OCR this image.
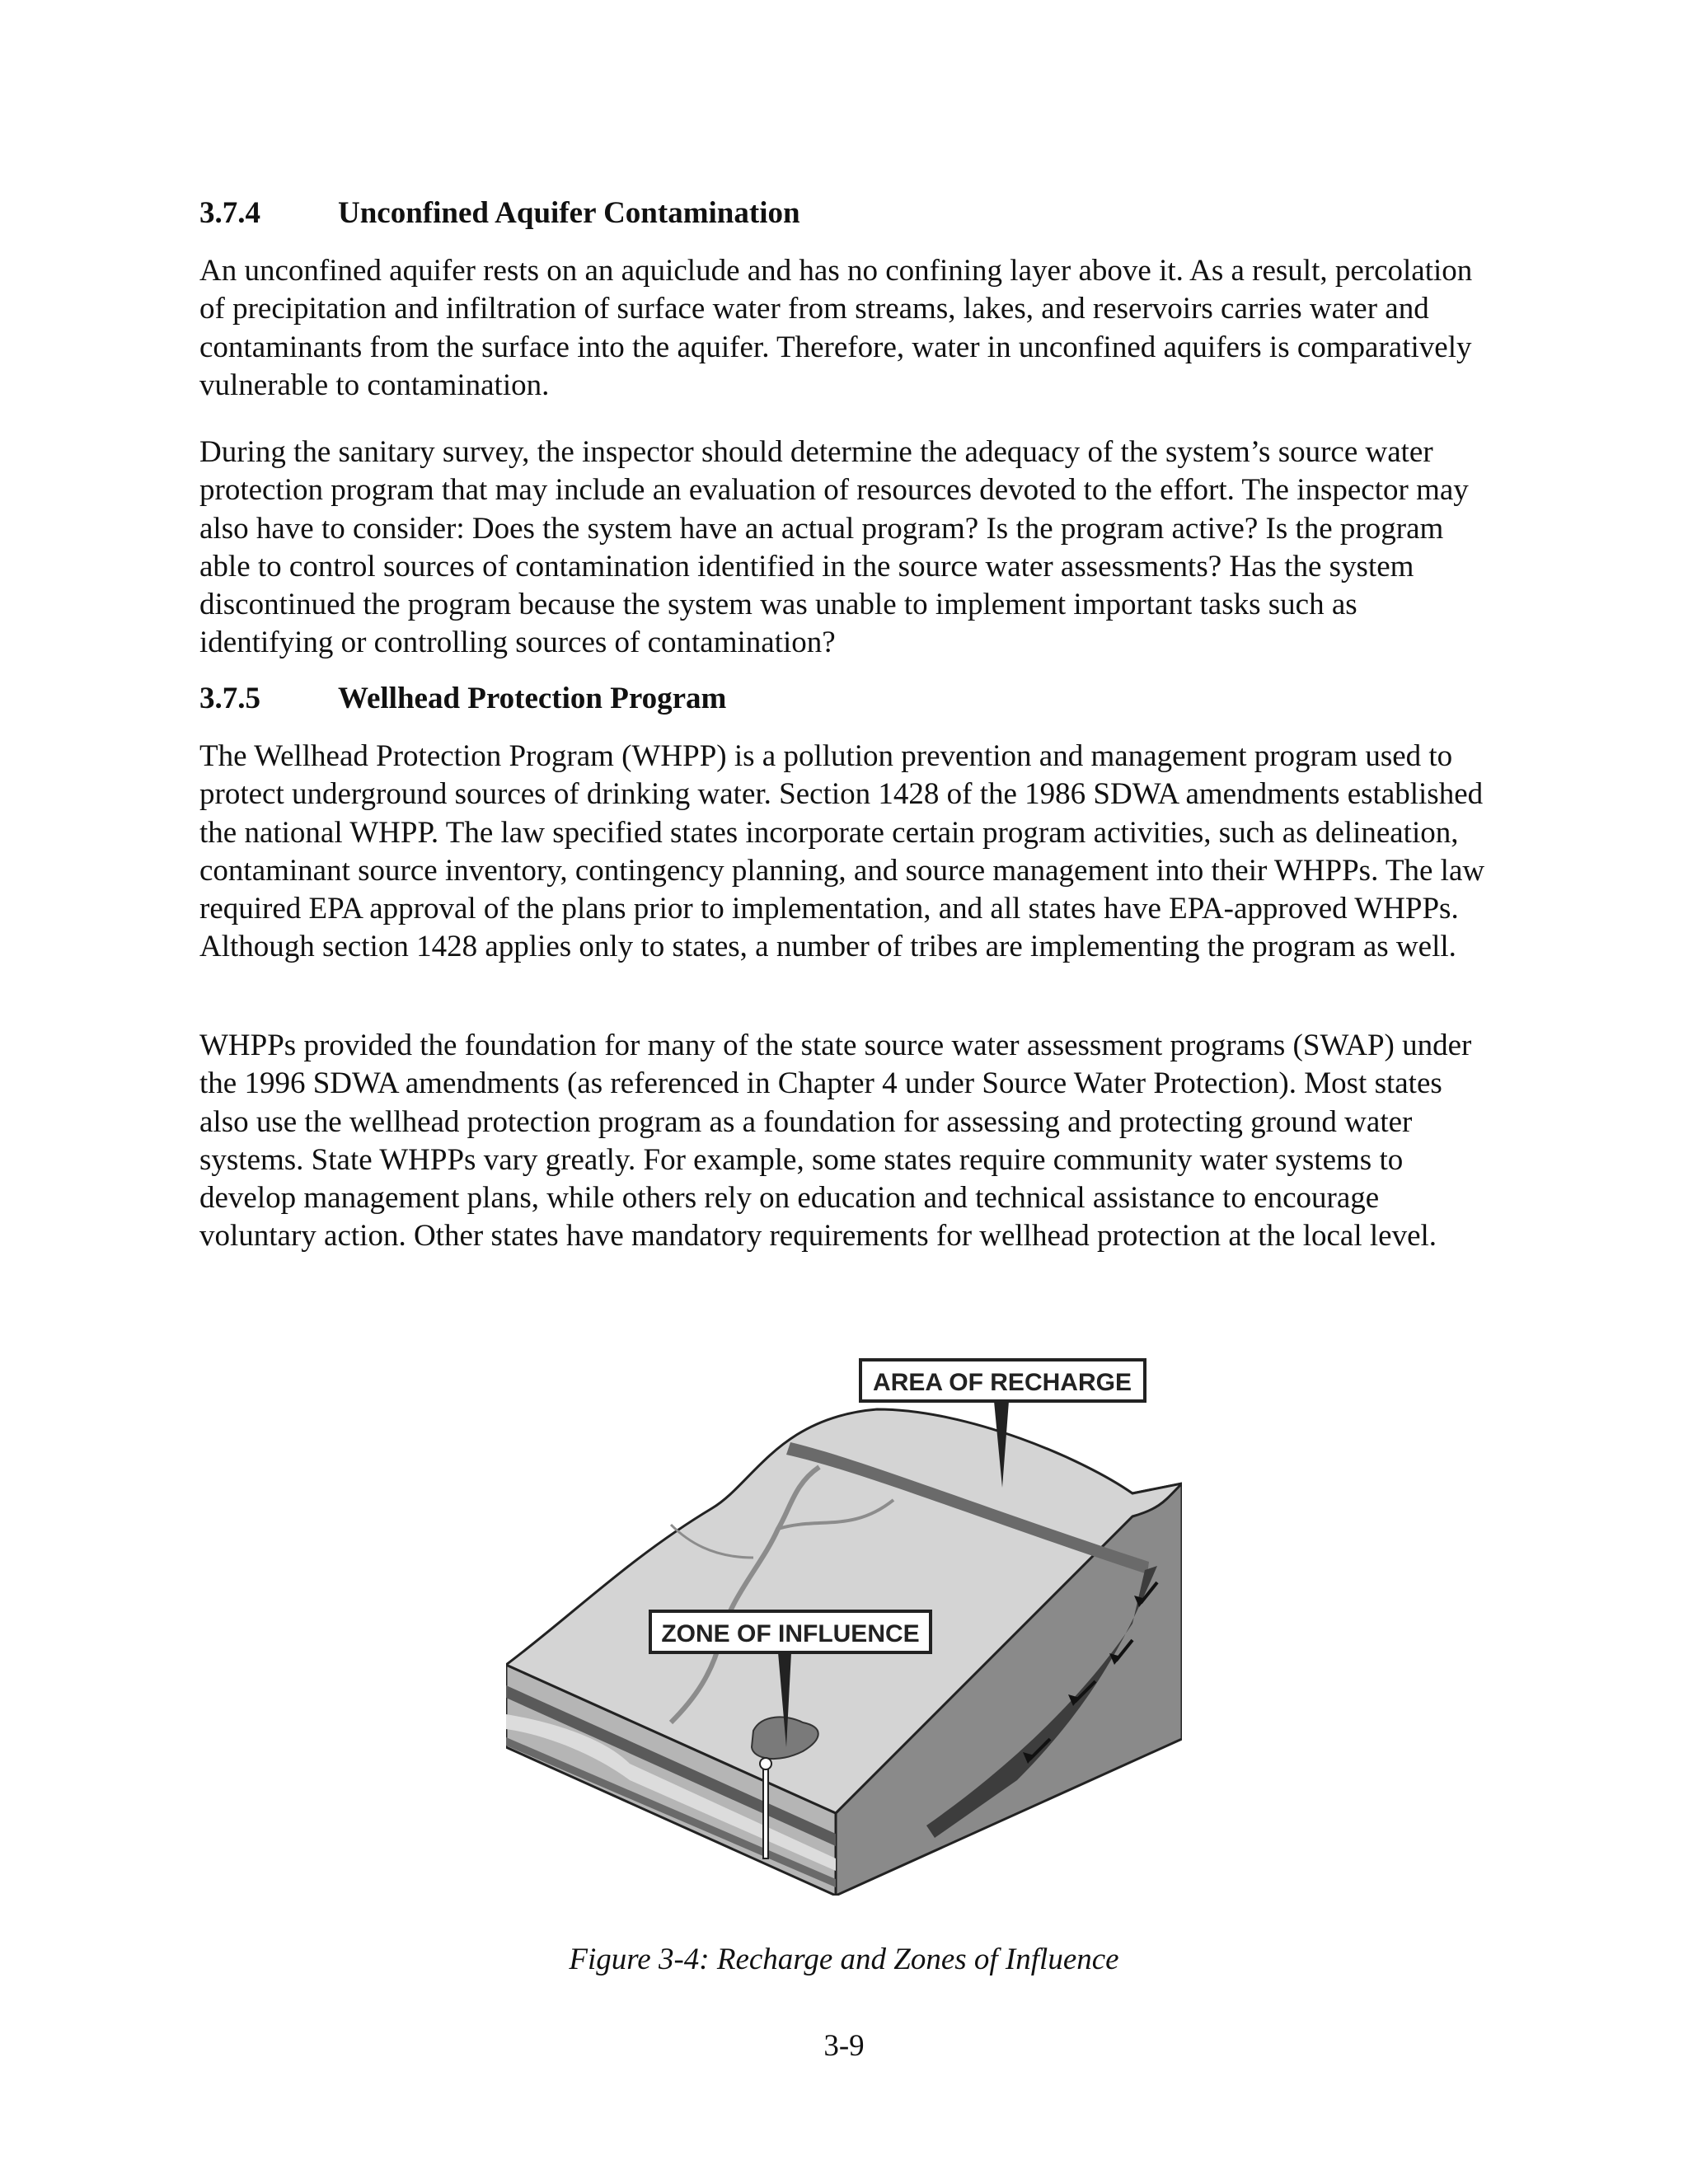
3.7.4	Unconfined Aquifer Contamination

An unconfined aquifer rests on an aquiclude and has no confining layer above it. As a result, percolation of precipitation and infiltration of surface water from streams, lakes, and reservoirs carries water and contaminants from the surface into the aquifer. Therefore, water in unconfined aquifers is comparatively vulnerable to contamination.

During the sanitary survey, the inspector should determine the adequacy of the system’s source water protection program that may include an evaluation of resources devoted to the effort. The inspector may also have to consider: Does the system have an actual program? Is the program active? Is the program able to control sources of contamination identified in the source water assessments? Has the system discontinued the program because the system was unable to implement important tasks such as identifying or controlling sources of contamination?

3.7.5	Wellhead Protection Program

The Wellhead Protection Program (WHPP) is a pollution prevention and management program used to protect underground sources of drinking water. Section 1428 of the 1986 SDWA amendments established the national WHPP. The law specified states incorporate certain program activities, such as delineation, contaminant source inventory, contingency planning, and source management into their WHPPs. The law required EPA approval of the plans prior to implementation, and all states have EPA-approved WHPPs. Although section 1428 applies only to states, a number of tribes are implementing the program as well.

WHPPs provided the foundation for many of the state source water assessment programs (SWAP) under the 1996 SDWA amendments (as referenced in Chapter 4 under Source Water Protection). Most states also use the wellhead protection program as a foundation for assessing and protecting ground water systems. State WHPPs vary greatly. For example, some states require community water systems to develop management plans, while others rely on education and technical assistance to encourage voluntary action. Other states have mandatory requirements for wellhead protection at the local level.

AREA OF RECHARGE
ZONE OF INFLUENCE
Figure 3-4: Recharge and Zones of Influence
3-9
